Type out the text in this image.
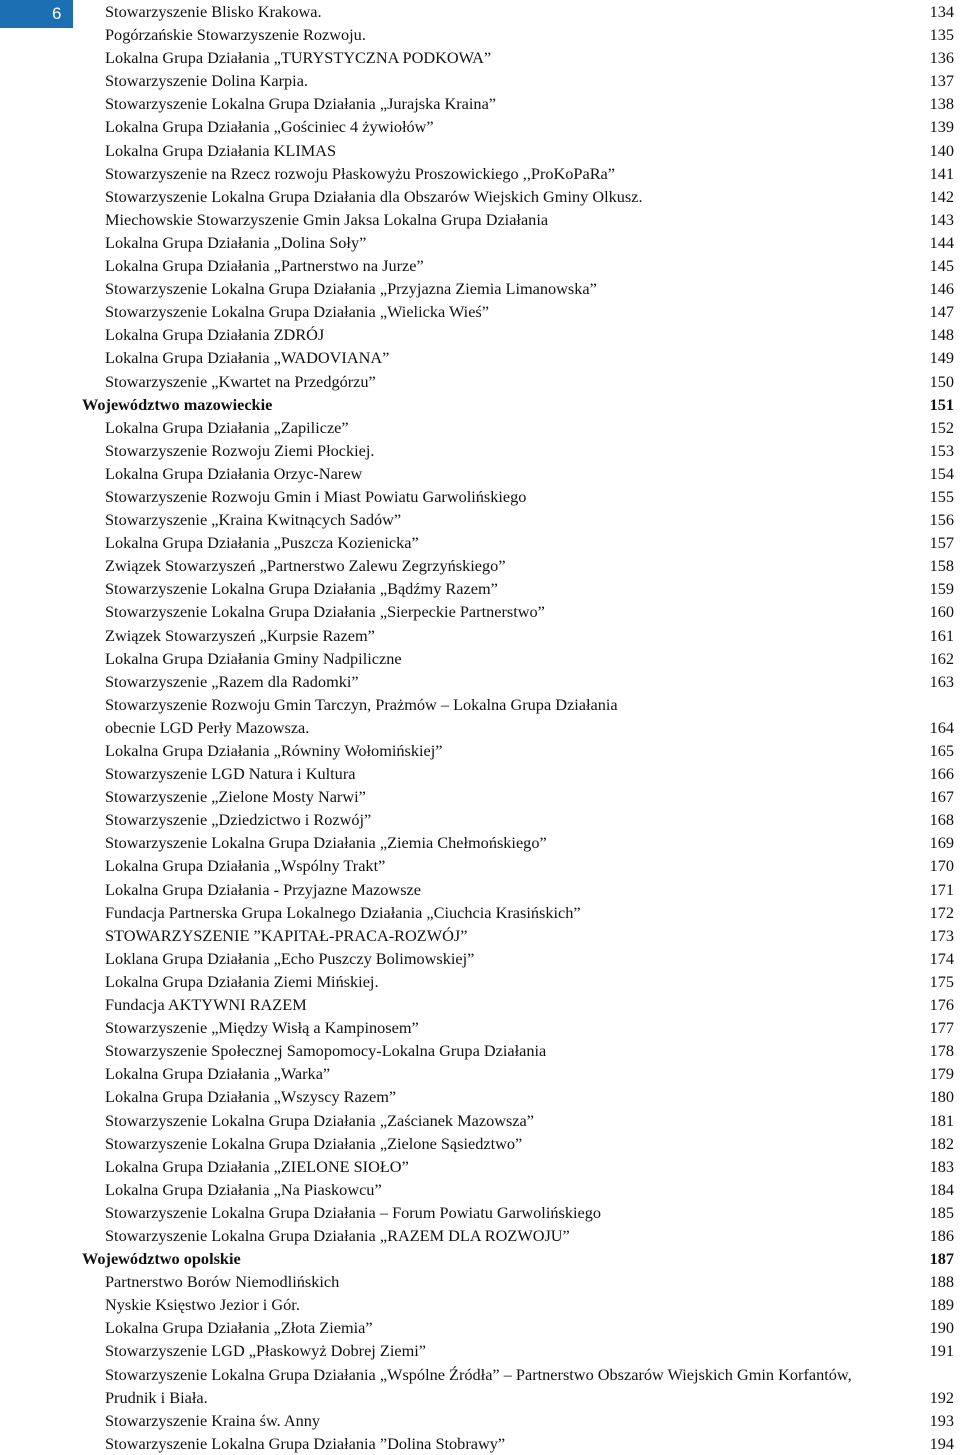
6	Stowarzyszenie Blisko Krakowa.	134
Pogórzańskie Stowarzyszenie Rozwoju.	135
Lokalna Grupa Działania „TURYSTYCZNA PODKOWA”	136
Stowarzyszenie Dolina Karpia.	137
Stowarzyszenie Lokalna Grupa Działania „Jurajska Kraina”	138
Lokalna Grupa Działania „Gościniec 4 żywiołów”	139
Lokalna Grupa Działania KLIMAS	140
Stowarzyszenie na Rzecz rozwoju Płaskowyżu Proszowickiego ,,ProKoPaRa”	141
Stowarzyszenie Lokalna Grupa Działania dla Obszarów Wiejskich Gminy Olkusz.	142
Miechowskie Stowarzyszenie Gmin Jaksa Lokalna Grupa Działania	143
Lokalna Grupa Działania „Dolina Soły”	144
Lokalna Grupa Działania „Partnerstwo na Jurze”	145
Stowarzyszenie Lokalna Grupa Działania „Przyjazna Ziemia Limanowska”	146
Stowarzyszenie Lokalna Grupa Działania „Wielicka Wieś”	147
Lokalna Grupa Działania ZDRÓJ	148
Lokalna Grupa Działania „WADOVIANA”	149
Stowarzyszenie „Kwartet na Przedgórzu”	150
Województwo mazowieckie	151
Lokalna Grupa Działania „Zapilicze”	152
Stowarzyszenie Rozwoju Ziemi Płockiej.	153
Lokalna Grupa Działania Orzyc-Narew	154
Stowarzyszenie Rozwoju Gmin i Miast Powiatu Garwolińskiego	155
Stowarzyszenie „Kraina Kwitnących Sadów”	156
Lokalna Grupa Działania „Puszcza Kozienicka”	157
Związek Stowarzyszeń „Partnerstwo Zalewu Zegrzyńskiego”	158
Stowarzyszenie Lokalna Grupa Działania „Bądźmy Razem”	159
Stowarzyszenie Lokalna Grupa Działania „Sierpeckie Partnerstwo”	160
Związek Stowarzyszeń „Kurpsie Razem”	161
Lokalna Grupa Działania Gminy Nadpiliczne	162
Stowarzyszenie „Razem dla Radomki”	163
Stowarzyszenie Rozwoju Gmin Tarczyn, Prażmów – Lokalna Grupa Działania
obecnie LGD Perły Mazowsza.	164
Lokalna Grupa Działania „Równiny Wołomińskiej”	165
Stowarzyszenie LGD Natura i Kultura	166
Stowarzyszenie „Zielone Mosty Narwi”	167
Stowarzyszenie „Dziedzictwo i Rozwój”	168
Stowarzyszenie Lokalna Grupa Działania „Ziemia Chełmońskiego”	169
Lokalna Grupa Działania „Wspólny Trakt”	170
Lokalna Grupa Działania - Przyjazne Mazowsze	171
Fundacja Partnerska Grupa Lokalnego Działania „Ciuchcia Krasińskich”	172
STOWARZYSZENIE ”KAPITAŁ-PRACA-ROZWÓJ”	173
Loklana Grupa Działania „Echo Puszczy Bolimowskiej”	174
Lokalna Grupa Działania Ziemi Mińskiej.	175
Fundacja AKTYWNI RAZEM	176
Stowarzyszenie „Między Wisłą a Kampinosem”	177
Stowarzyszenie Społecznej Samopomocy-Lokalna Grupa Działania	178
Lokalna Grupa Działania „Warka”	179
Lokalna Grupa Działania „Wszyscy Razem”	180
Stowarzyszenie Lokalna Grupa Działania „Zaścianek Mazowsza”	181
Stowarzyszenie Lokalna Grupa Działania „Zielone Sąsiedztwo”	182
Lokalna Grupa Działania „ZIELONE SIOŁO”	183
Lokalna Grupa Działania „Na Piaskowcu”	184
Stowarzyszenie Lokalna Grupa Działania – Forum Powiatu Garwolińskiego	185
Stowarzyszenie Lokalna Grupa Działania „RAZEM DLA ROZWOJU”	186
Województwo opolskie	187
Partnerstwo Borów Niemodlińskich	188
Nyskie Księstwo Jezior i Gór.	189
Lokalna Grupa Działania „Złota Ziemia”	190
Stowarzyszenie LGD „Płaskowyż Dobrej Ziemi”	191
Stowarzyszenie Lokalna Grupa Działania „Wspólne Źródła” – Partnerstwo Obszarów Wiejskich Gmin Korfantów,
Prudnik i Biała.	192
Stowarzyszenie Kraina św. Anny	193
Stowarzyszenie Lokalna Grupa Działania ”Dolina Stobrawy”	194
